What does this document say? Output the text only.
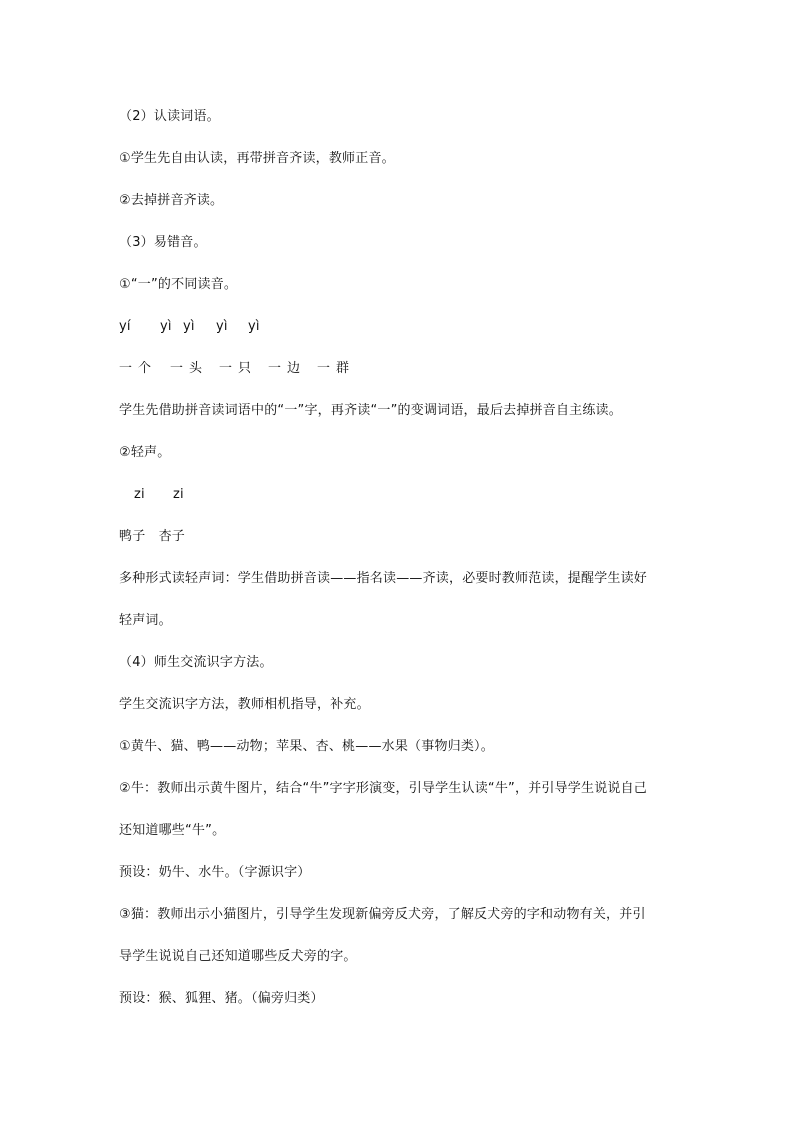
（2）认读词语。
①学生先自由认读，再带拼音齐读，教师正音。
②去掉拼音齐读。
（3）易错音。
①“一”的不同读音。
yí yì yì yì yì
一个 一头 一只 一边 一群
学生先借助拼音读词语中的“一”字，再齐读“一”的变调词语，最后去掉拼音自主练读。
②轻声。
zi zi
鸭子　杏子
多种形式读轻声词：学生借助拼音读——指名读——齐读，必要时教师范读，提醒学生读好
轻声词。
（4）师生交流识字方法。
学生交流识字方法，教师相机指导，补充。
①黄牛、猫、鸭——动物；苹果、杏、桃——水果（事物归类）。
②牛：教师出示黄牛图片，结合“牛”字字形演变，引导学生认读“牛”，并引导学生说说自己
还知道哪些“牛”。
预设：奶牛、水牛。（字源识字）
③猫：教师出示小猫图片，引导学生发现新偏旁反犬旁，了解反犬旁的字和动物有关，并引
导学生说说自己还知道哪些反犬旁的字。
预设：猴、狐狸、猪。（偏旁归类）
